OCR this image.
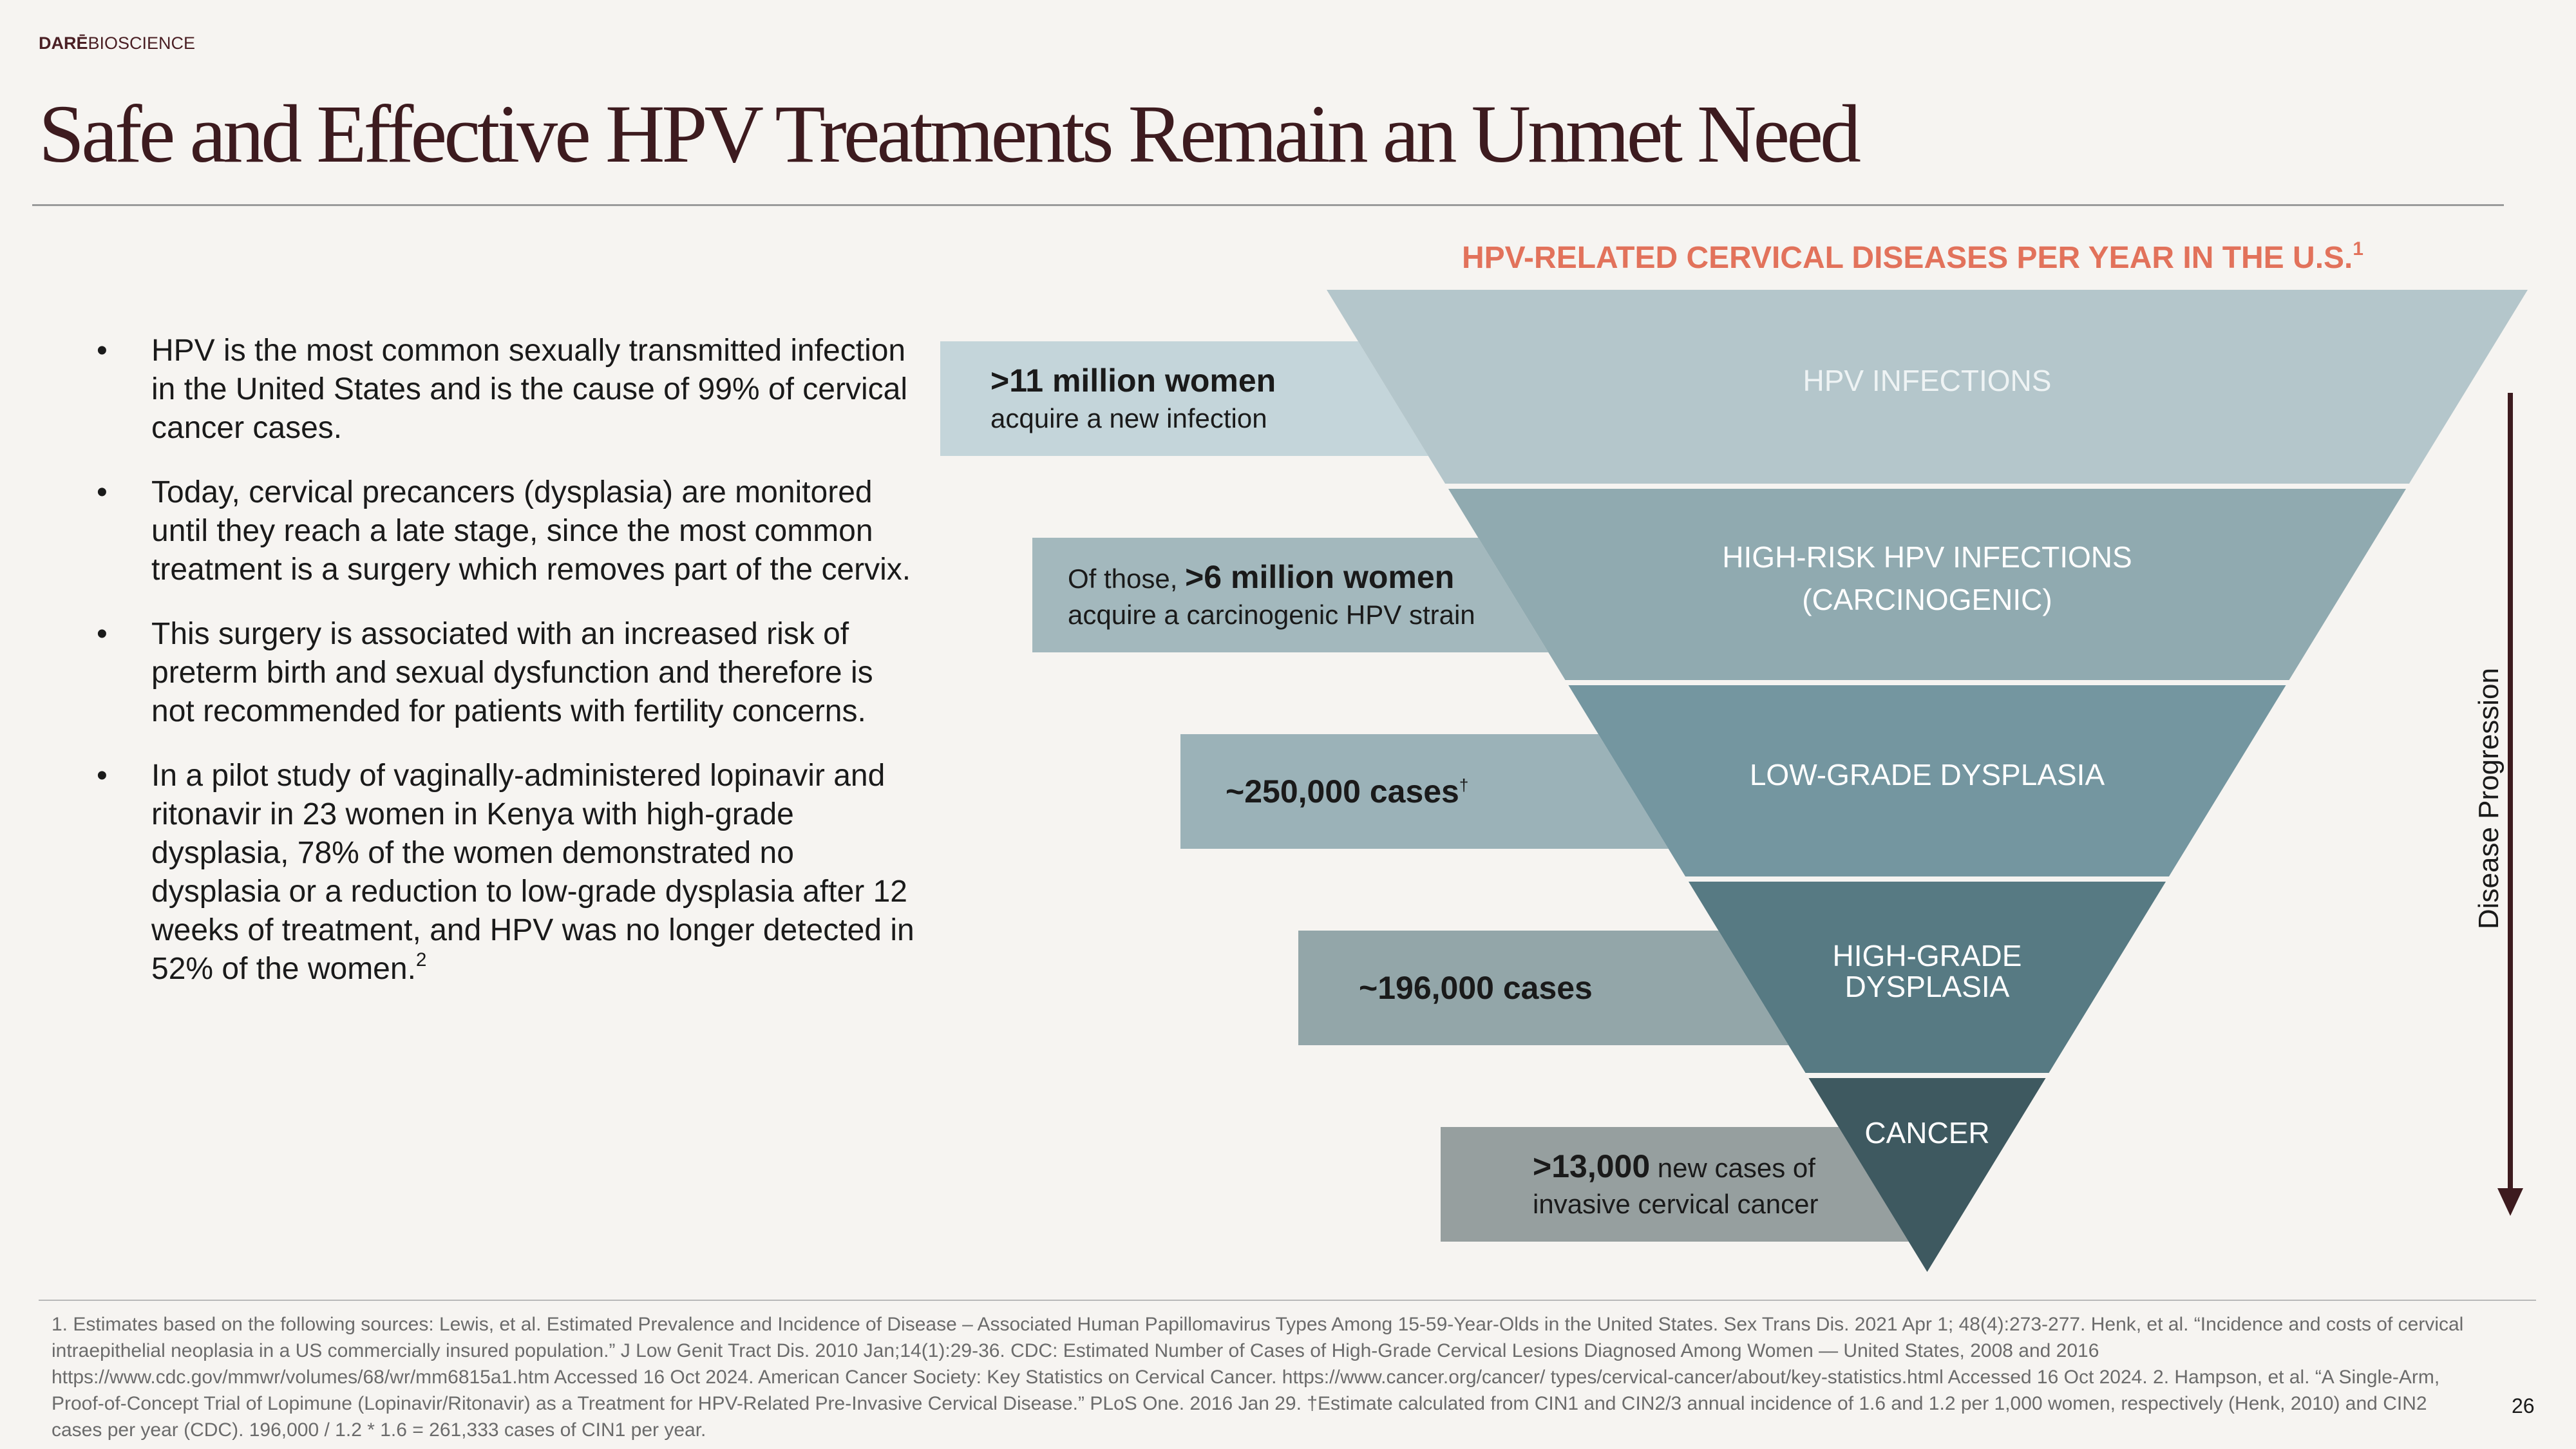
DARĒBIOSCIENCE
Safe and Effective HPV Treatments Remain an Unmet Need
• HPV is the most common sexually transmitted infection in the United States and is the cause of 99% of cervical cancer cases.
• Today, cervical precancers (dysplasia) are monitored until they reach a late stage, since the most common treatment is a surgery which removes part of the cervix.
• This surgery is associated with an increased risk of preterm birth and sexual dysfunction and therefore is not recommended for patients with fertility concerns.
• In a pilot study of vaginally-administered lopinavir and ritonavir in 23 women in Kenya with high-grade dysplasia, 78% of the women demonstrated no dysplasia or a reduction to low-grade dysplasia after 12 weeks of treatment, and HPV was no longer detected in 52% of the women.$^2$
HPV-RELATED CERVICAL DISEASES PER YEAR IN THE U.S.$^1$
HPV INFECTIONS
>11 million women
acquire a new infection
HIGH-RISK HPV INFECTIONS
(CARCINOGENIC)
Of those, >6 million women
acquire a carcinogenic HPV strain
LOW-GRADE DYSPLASIA
~250,000 cases†
HIGH-GRADE
DYSPLASIA
~196,000 cases
CANCER
>13,000 new cases of
invasive cervical cancer
Disease Progression

1. Estimates based on the following sources: Lewis, et al. Estimated Prevalence and Incidence of Disease – Associated Human Papillomavirus Types Among 15-59-Year-Olds in the United States. Sex Trans Dis. 2021 Apr 1; 48(4):273-277. Henk, et al. “Incidence and costs of cervical intraepithelial neoplasia in a US commercially insured population.” J Low Genit Tract Dis. 2010 Jan;14(1):29-36. CDC: Estimated Number of Cases of High-Grade Cervical Lesions Diagnosed Among Women — United States, 2008 and 2016 https://www.cdc.gov/mmwr/volumes/68/wr/mm6815a1.htm Accessed 16 Oct 2024. American Cancer Society: Key Statistics on Cervical Cancer. https://www.cancer.org/cancer/ types/cervical-cancer/about/key-statistics.html Accessed 16 Oct 2024. 2. Hampson, et al. “A Single-Arm, Proof-of-Concept Trial of Lopimune (Lopinavir/Ritonavir) as a Treatment for HPV-Related Pre-Invasive Cervical Disease.” PLoS One. 2016 Jan 29. †Estimate calculated from CIN1 and CIN2/3 annual incidence of 1.6 and 1.2 per 1,000 women, respectively (Henk, 2010) and CIN2 cases per year (CDC). 196,000 / 1.2 * 1.6 = 261,333 cases of CIN1 per year.

26
